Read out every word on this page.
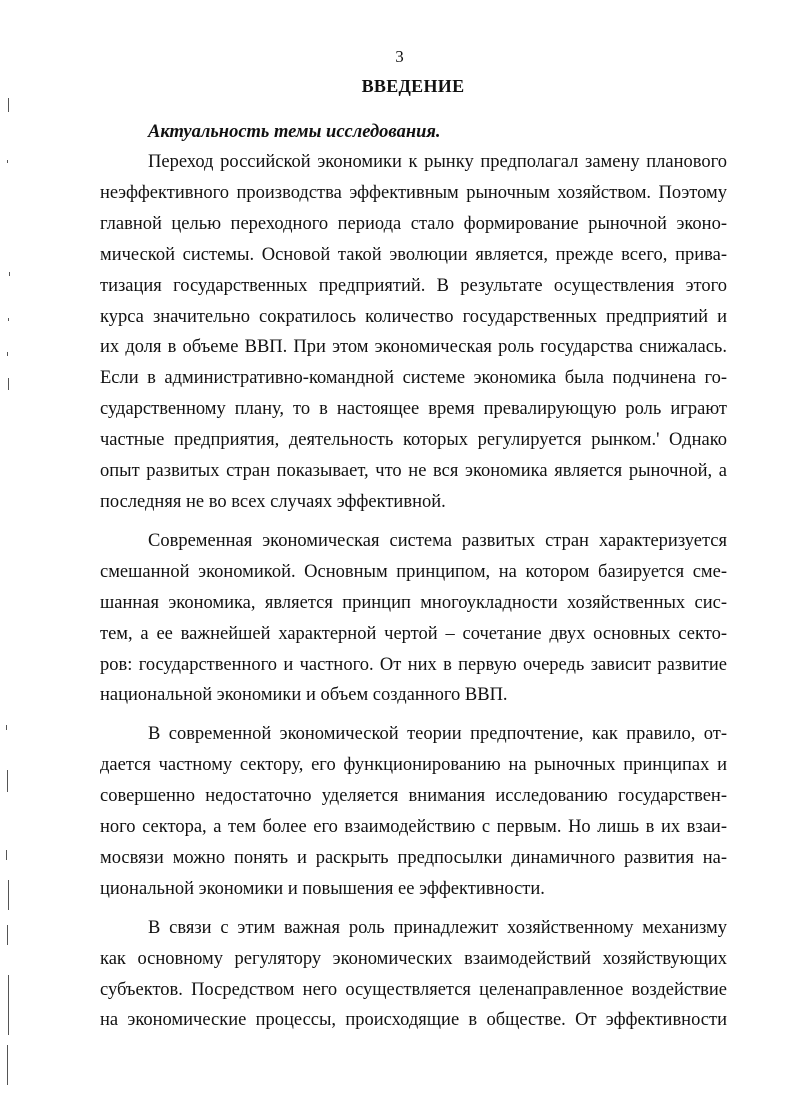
3
ВВЕДЕНИЕ

Актуальность темы исследования.

Переход российской экономики к рынку предполагал замену планового
неэффективного производства эффективным рыночным хозяйством. Поэтому
главной целью переходного периода стало формирование рыночной эконо-
мической системы. Основой такой эволюции является, прежде всего, прива-
тизация государственных предприятий. В результате осуществления этого
курса значительно сократилось количество государственных предприятий и
их доля в объеме ВВП. При этом экономическая роль государства снижалась.
Если в административно-командной системе экономика была подчинена го-
сударственному плану, то в настоящее время превалирующую роль играют
частные предприятия, деятельность которых регулируется рынком.' Однако
опыт развитых стран показывает, что не вся экономика является рыночной, а
последняя не во всех случаях эффективной.

Современная экономическая система развитых стран характеризуется
смешанной экономикой. Основным принципом, на котором базируется сме-
шанная экономика, является принцип многоукладности хозяйственных сис-
тем, а ее важнейшей характерной чертой – сочетание двух основных секто-
ров: государственного и частного. От них в первую очередь зависит развитие
национальной экономики и объем созданного ВВП.

В современной экономической теории предпочтение, как правило, от-
дается частному сектору, его функционированию на рыночных принципах и
совершенно недостаточно уделяется внимания исследованию государствен-
ного сектора, а тем более его взаимодействию с первым. Но лишь в их взаи-
мосвязи можно понять и раскрыть предпосылки динамичного развития на-
циональной экономики и повышения ее эффективности.

В связи с этим важная роль принадлежит хозяйственному механизму
как основному регулятору экономических взаимодействий хозяйствующих
субъектов. Посредством него осуществляется целенаправленное воздействие
на экономические процессы, происходящие в обществе. От эффективности
